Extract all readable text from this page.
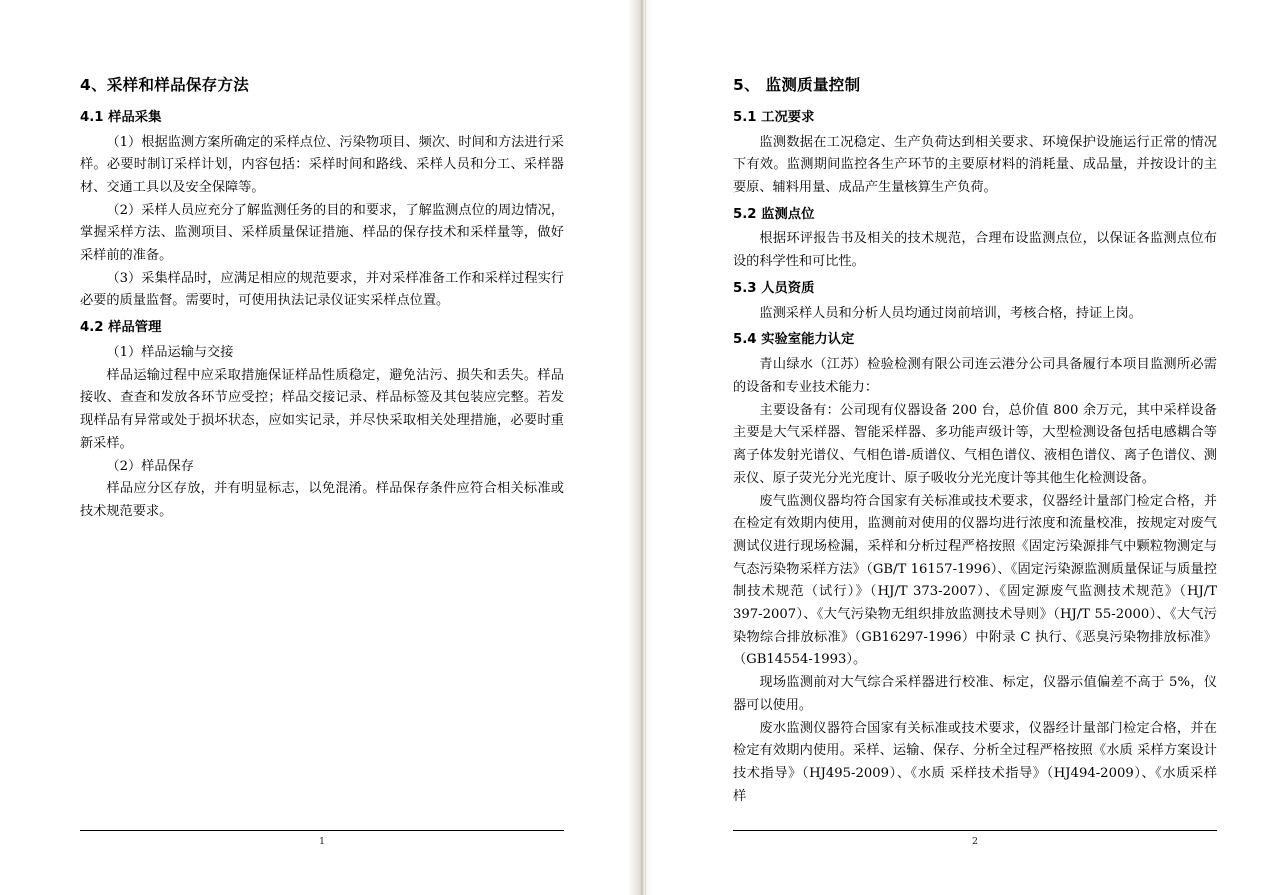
4、采样和样品保存方法
4.1 样品采集

（1）根据监测方案所确定的采样点位、污染物项目、频次、时间和方法进行采样。必要时制订采样计划，内容包括：采样时间和路线、采样人员和分工、采样器材、交通工具以及安全保障等。

（2）采样人员应充分了解监测任务的目的和要求，了解监测点位的周边情况，掌握采样方法、监测项目、采样质量保证措施、样品的保存技术和采样量等，做好采样前的准备。

（3）采集样品时，应满足相应的规范要求，并对采样准备工作和采样过程实行必要的质量监督。需要时，可使用执法记录仪证实采样点位置。

4.2 样品管理

（1）样品运输与交接

样品运输过程中应采取措施保证样品性质稳定，避免沾污、损失和丢失。样品接收、查查和发放各环节应受控；样品交接记录、样品标签及其包装应完整。若发现样品有异常或处于损坏状态，应如实记录，并尽快采取相关处理措施，必要时重新采样。

（2）样品保存

样品应分区存放，并有明显标志，以免混淆。样品保存条件应符合相关标准或技术规范要求。

1
5、 监测质量控制
5.1 工况要求

监测数据在工况稳定、生产负荷达到相关要求、环境保护设施运行正常的情况下有效。监测期间监控各生产环节的主要原材料的消耗量、成品量，并按设计的主要原、辅料用量、成品产生量核算生产负荷。

5.2 监测点位

根据环评报告书及相关的技术规范，合理布设监测点位，以保证各监测点位布设的科学性和可比性。

5.3 人员资质

监测采样人员和分析人员均通过岗前培训，考核合格，持证上岗。

5.4 实验室能力认定

青山绿水（江苏）检验检测有限公司连云港分公司具备履行本项目监测所必需的设备和专业技术能力：

主要设备有：公司现有仪器设备 200 台，总价值 800 余万元，其中采样设备主要是大气采样器、智能采样器、多功能声级计等，大型检测设备包括电感耦合等离子体发射光谱仪、气相色谱-质谱仪、气相色谱仪、液相色谱仪、离子色谱仪、测汞仪、原子荧光分光光度计、原子吸收分光光度计等其他生化检测设备。

废气监测仪器均符合国家有关标准或技术要求，仪器经计量部门检定合格，并在检定有效期内使用，监测前对使用的仪器均进行浓度和流量校准，按规定对废气测试仪进行现场检漏，采样和分析过程严格按照《固定污染源排气中颗粒物测定与气态污染物采样方法》（GB/T 16157-1996）、《固定污染源监测质量保证与质量控制技术规范（试行）》（HJ/T 373-2007）、《固定源废气监测技术规范》（HJ/T 397-2007）、《大气污染物无组织排放监测技术导则》（HJ/T 55-2000）、《大气污染物综合排放标准》（GB16297-1996）中附录 C 执行、《恶臭污染物排放标准》（GB14554-1993）。

现场监测前对大气综合采样器进行校准、标定，仪器示值偏差不高于 5%，仪器可以使用。

废水监测仪器符合国家有关标准或技术要求，仪器经计量部门检定合格，并在检定有效期内使用。采样、运输、保存、分析全过程严格按照《水质 采样方案设计技术指导》（HJ495-2009）、《水质 采样技术指导》（HJ494-2009）、《水质采样 样

2
